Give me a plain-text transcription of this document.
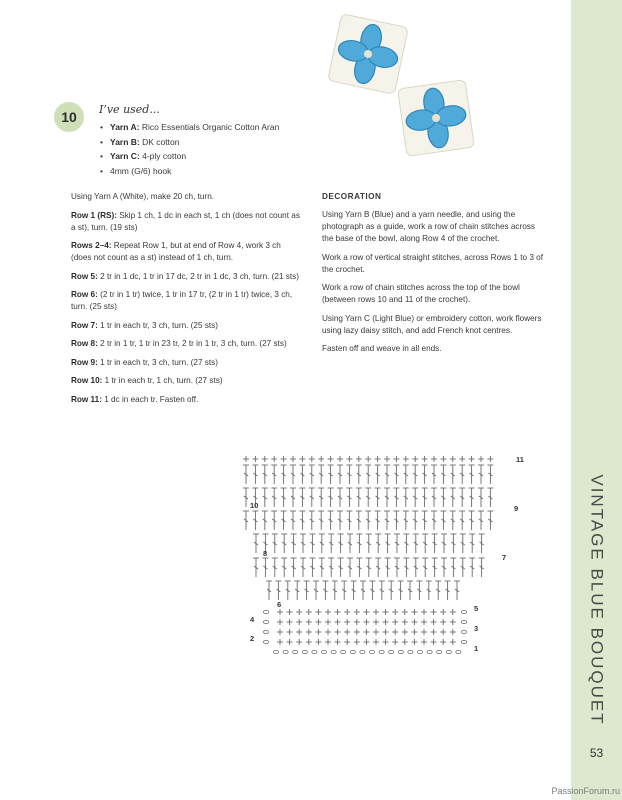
VINTAGE BLUE BOUQUET
53
PassionForum.ru
10	I’ve used...
• Yarn A: Rico Essentials Organic Cotton Aran
• Yarn B: DK cotton
• Yarn C: 4-ply cotton
• 4mm (G/6) hook

Using Yarn A (White), make 20 ch, turn.

Row 1 (RS): Skip 1 ch, 1 dc in each st, 1 ch (does not count as a st), turn. (19 sts)

Rows 2–4: Repeat Row 1, but at end of Row 4, work 3 ch (does not count as a st) instead of 1 ch, turn.

Row 5: 2 tr in 1 dc, 1 tr in 17 dc, 2 tr in 1 dc, 3 ch, turn. (21 sts)

Row 6: (2 tr in 1 tr) twice, 1 tr in 17 tr, (2 tr in 1 tr) twice, 3 ch, turn. (25 sts)

Row 7: 1 tr in each tr, 3 ch, turn. (25 sts)

Row 8: 2 tr in 1 tr, 1 tr in 23 tr, 2 tr in 1 tr, 3 ch, turn. (27 sts)

Row 9: 1 tr in each tr, 3 ch, turn. (27 sts)

Row 10: 1 tr in each tr, 1 ch, turn. (27 sts)

Row 11: 1 dc in each tr. Fasten off.

DECORATION

Using Yarn B (Blue) and a yarn needle, and using the photograph as a guide, work a row of chain stitches across the base of the bowl, along Row 4 of the crochet.

Work a row of vertical straight stitches, across Rows 1 to 3 of the crochet.

Work a row of chain stitches across the top of the bowl (between rows 10 and 11 of the crochet).

Using Yarn C (Light Blue) or embroidery cotton, work flowers using lazy daisy stitch, and add French knot centres.

Fasten off and weave in all ends.

11
9
7
5
3
1
4
2
10
8
6
